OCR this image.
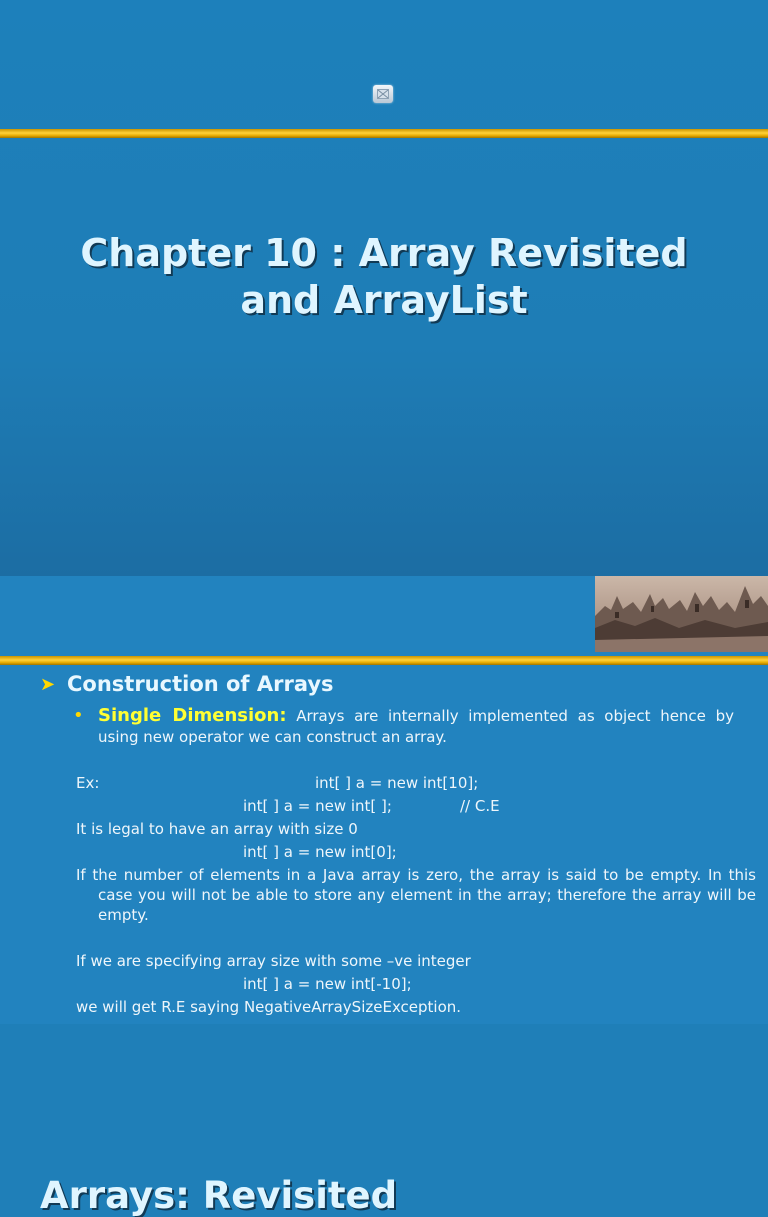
Chapter 10 : Array Revisited
and ArrayList
Arrays: Revisited
➤ Construction of Arrays
• Single Dimension: Arrays are internally implemented as object hence by using new operator we can construct an array.
Ex:	int[ ] a = new int[10];
int[ ] a = new int[ ];	// C.E
It is legal to have an array with size 0
int[ ] a = new int[0];
If the number of elements in a Java array is zero, the array is said to be empty. In this case you will not be able to store any element in the array; therefore the array will be empty.
If we are specifying array size with some –ve integer
int[ ] a = new int[-10];
we will get R.E saying NegativeArraySizeException.
